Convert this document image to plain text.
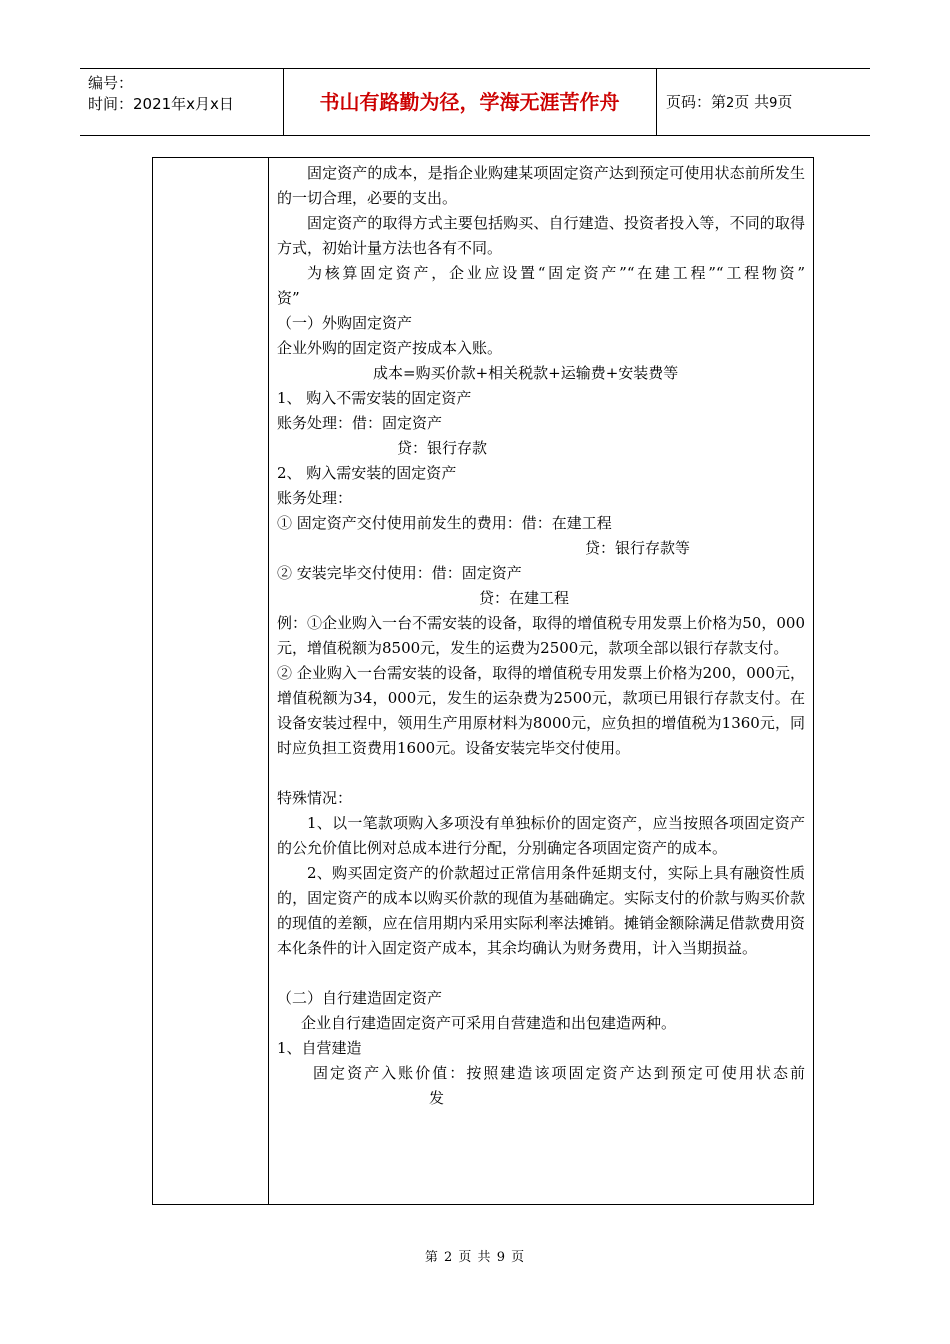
编号：
时间：2021年x月x日	书山有路勤为径，学海无涯苦作舟	页码：第2页 共9页

固定资产的成本，是指企业购建某项固定资产达到预定可使用状态前所发生的一切合理，必要的支出。

固定资产的取得方式主要包括购买、自行建造、投资者投入等，不同的取得方式，初始计量方法也各有不同。

为核算固定资产，企业应设置“固定资产”“在建工程”“工程物资”

资”

（一）外购固定资产

企业外购的固定资产按成本入账。

成本=购买价款+相关税款+运输费+安装费等

1、 购入不需安装的固定资产

账务处理：借：固定资产

贷：银行存款

2、 购入需安装的固定资产

账务处理：

① 固定资产交付使用前发生的费用：借：在建工程

贷：银行存款等

② 安装完毕交付使用：借：固定资产

贷：在建工程

例：①企业购入一台不需安装的设备，取得的增值税专用发票上价格为50，000元，增值税额为8500元，发生的运费为2500元，款项全部以银行存款支付。

② 企业购入一台需安装的设备，取得的增值税专用发票上价格为200，000元，增值税额为34，000元，发生的运杂费为2500元，款项已用银行存款支付。在设备安装过程中，领用生产用原材料为8000元，应负担的增值税为1360元，同时应负担工资费用1600元。设备安装完毕交付使用。

特殊情况：

1、以一笔款项购入多项没有单独标价的固定资产，应当按照各项固定资产的公允价值比例对总成本进行分配，分别确定各项固定资产的成本。

2、购买固定资产的价款超过正常信用条件延期支付，实际上具有融资性质的，固定资产的成本以购买价款的现值为基础确定。实际支付的价款与购买价款的现值的差额，应在信用期内采用实际利率法摊销。摊销金额除满足借款费用资本化条件的计入固定资产成本，其余均确认为财务费用，计入当期损益。

（二）自行建造固定资产

企业自行建造固定资产可采用自营建造和出包建造两种。

1、自营建造

固定资产入账价值：按照建造该项固定资产达到预定可使用状态前

发

第 2 页 共 9 页
